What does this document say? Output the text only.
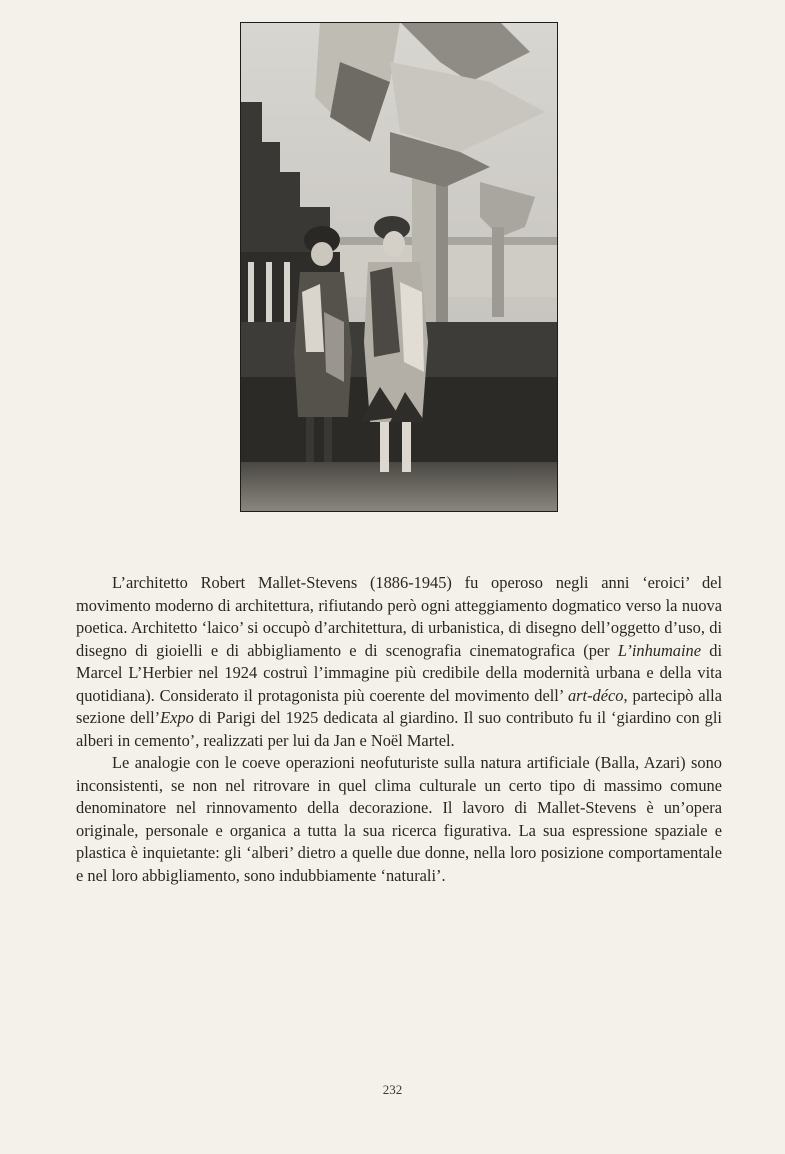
L’architetto Robert Mallet-Stevens (1886-1945) fu operoso negli anni ‘eroici’ del movimento moderno di architettura, rifiutando però ogni atteggiamento dogmatico verso la nuova poetica. Architetto ‘laico’ si occupò d’architettura, di urbanistica, di disegno dell’oggetto d’uso, di disegno di gioielli e di abbigliamento e di scenografia cinematografica (per L’inhumaine di Marcel L’Herbier nel 1924 costruì l’immagine più credibile della modernità urbana e della vita quotidiana). Considerato il protagonista più coerente del movimento dell’ art-déco, partecipò alla sezione dell’Expo di Parigi del 1925 dedicata al giardino. Il suo contributo fu il ‘giardino con gli alberi in cemento’, realizzati per lui da Jan e Noël Martel.

Le analogie con le coeve operazioni neofuturiste sulla natura artificiale (Balla, Azari) sono inconsistenti, se non nel ritrovare in quel clima culturale un certo tipo di massimo comune denominatore nel rinnovamento della decorazione. Il lavoro di Mallet-Stevens è un’opera originale, personale e organica a tutta la sua ricerca figurativa. La sua espressione spaziale e plastica è inquietante: gli ‘alberi’ dietro a quelle due donne, nella loro posizione comportamentale e nel loro abbigliamento, sono indubbiamente ‘naturali’.

232
